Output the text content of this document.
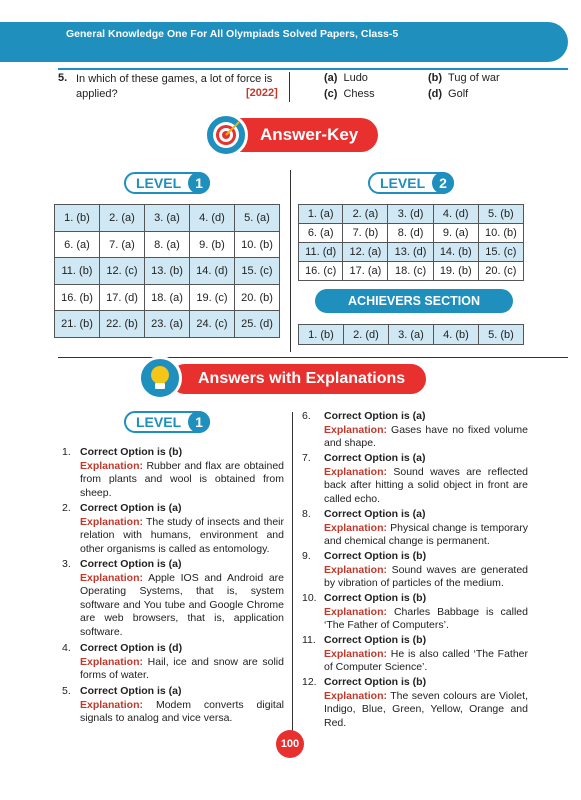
General Knowledge One For All Olympiads Solved Papers, Class-5
5. In which of these games, a lot of force is applied?	[2022]
(a) Ludo	(b) Tug of war
(c) Chess	(d) Golf
Answer-Key
LEVEL 1	LEVEL 2
1. (b)	2. (a)	3. (a)	4. (d)	5. (a)
6. (a)	7. (a)	8. (a)	9. (b)	10. (b)
11. (b)	12. (c)	13. (b)	14. (d)	15. (c)
16. (b)	17. (d)	18. (a)	19. (c)	20. (b)
21. (b)	22. (b)	23. (a)	24. (c)	25. (d)
1. (a)	2. (a)	3. (d)	4. (d)	5. (b)
6. (a)	7. (b)	8. (d)	9. (a)	10. (b)
11. (d)	12. (a)	13. (d)	14. (b)	15. (c)
16. (c)	17. (a)	18. (c)	19. (b)	20. (c)
ACHIEVERS SECTION
1. (b)	2. (d)	3. (a)	4. (b)	5. (b)
Answers with Explanations
LEVEL 1
1. Correct Option is (b)
Explanation: Rubber and flax are obtained from plants and wool is obtained from sheep.
2. Correct Option is (a)
Explanation: The study of insects and their relation with humans, environment and other organisms is called as entomology.
3. Correct Option is (a)
Explanation: Apple IOS and Android are Operating Systems, that is, system software and You tube and Google Chrome are web browsers, that is, application software.
4. Correct Option is (d)
Explanation: Hail, ice and snow are solid forms of water.
5. Correct Option is (a)
Explanation: Modem converts digital signals to analog and vice versa.
6. Correct Option is (a)
Explanation: Gases have no fixed volume and shape.
7. Correct Option is (a)
Explanation: Sound waves are reflected back after hitting a solid object in front are called echo.
8. Correct Option is (a)
Explanation: Physical change is temporary and chemical change is permanent.
9. Correct Option is (b)
Explanation: Sound waves are generated by vibration of particles of the medium.
10. Correct Option is (b)
Explanation: Charles Babbage is called ‘The Father of Computers’.
11. Correct Option is (b)
Explanation: He is also called ‘The Father of Computer Science’.
12. Correct Option is (b)
Explanation: The seven colours are Violet, Indigo, Blue, Green, Yellow, Orange and Red.
100
